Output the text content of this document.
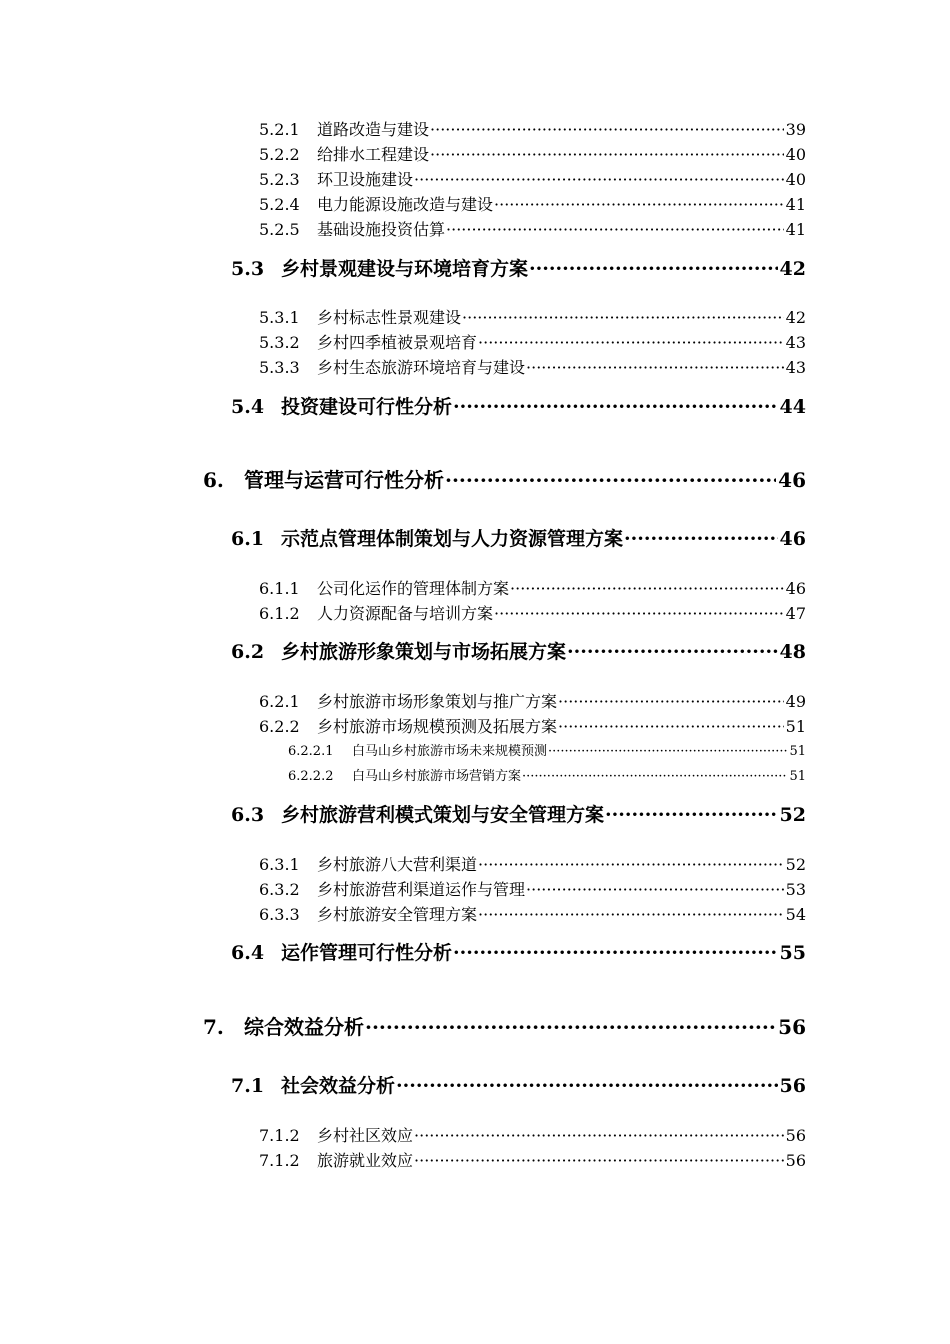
5.2.1	道路改造与建设 ·····	39
5.2.2	给排水工程建设 ·····	40
5.2.3	环卫设施建设 ·····	40
5.2.4	电力能源设施改造与建设 ·····	41
5.2.5	基础设施投资估算 ·····	41
5.3 乡村景观建设与环境培育方案 ·····	42
5.3.1	乡村标志性景观建设 ·····	42
5.3.2	乡村四季植被景观培育 ·····	43
5.3.3	乡村生态旅游环境培育与建设 ·····	43
5.4 投资建设可行性分析 ·····	44
6.	管理与运营可行性分析 ·····	46
6.1 示范点管理体制策划与人力资源管理方案 ·····	46
6.1.1	公司化运作的管理体制方案 ·····	46
6.1.2	人力资源配备与培训方案 ·····	47
6.2 乡村旅游形象策划与市场拓展方案 ·····	48
6.2.1	乡村旅游市场形象策划与推广方案 ·····	49
6.2.2	乡村旅游市场规模预测及拓展方案 ·····	51
6.2.2.1	白马山乡村旅游市场未来规模预测 ·····	51
6.2.2.2	白马山乡村旅游市场营销方案 ·····	51
6.3 乡村旅游营利模式策划与安全管理方案 ·····	52
6.3.1	乡村旅游八大营利渠道 ·····	52
6.3.2	乡村旅游营利渠道运作与管理 ·····	53
6.3.3	乡村旅游安全管理方案 ·····	54
6.4 运作管理可行性分析 ·····	55
7.	综合效益分析 ·····	56
7.1 社会效益分析 ·····	56
7.1.2	乡村社区效应 ·····	56
7.1.2	旅游就业效应 ·····	56
